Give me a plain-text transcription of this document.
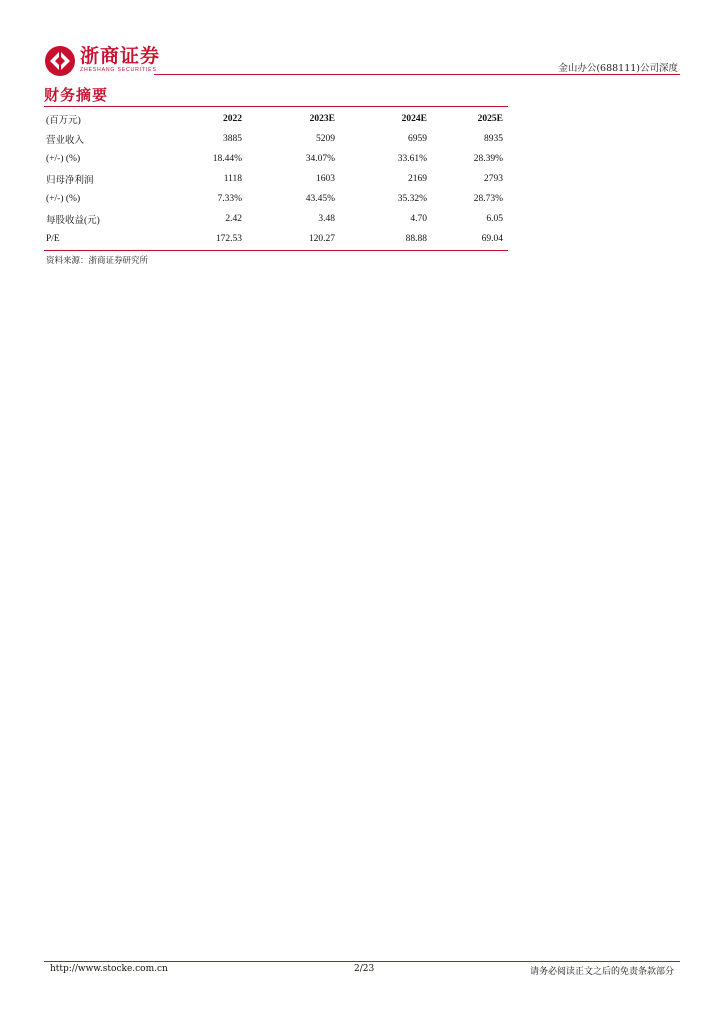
浙商证券
ZHESHANG SECURITIES	金山办公(688111)公司深度
财务摘要
(百万元)	2022	2023E	2024E	2025E
营业收入	3885	5209	6959	8935
(+/-) (%)	18.44%	34.07%	33.61%	28.39%
归母净利润	1118	1603	2169	2793
(+/-) (%)	7.33%	43.45%	35.32%	28.73%
每股收益(元)	2.42	3.48	4.70	6.05
P/E	172.53	120.27	88.88	69.04
资料来源：浙商证券研究所
http://www.stocke.com.cn	2/23	请务必阅读正文之后的免责条款部分
